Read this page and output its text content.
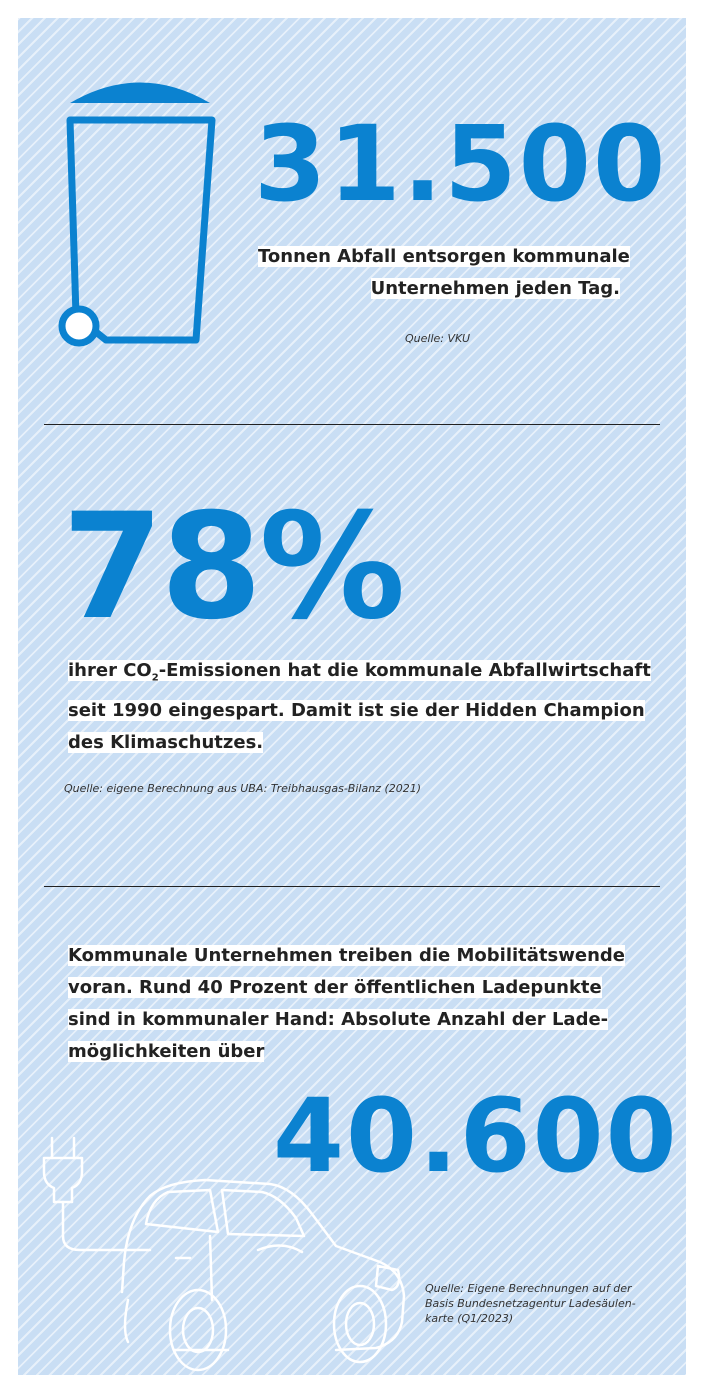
31.500

Tonnen Abfall entsorgen kommunale
Unternehmen jeden Tag.

Quelle: VKU
78%

ihrer $CO_2$-Emissionen hat die kommunale Abfallwirtschaft
seit 1990 eingespart. Damit ist sie der Hidden Champion
des Klimaschutzes.

Quelle: eigene Berechnung aus UBA: Treibhausgas-Bilanz (2021)

Kommunale Unternehmen treiben die Mobilitätswende
voran. Rund 40 Prozent der öffentlichen Ladepunkte
sind in kommunaler Hand: Absolute Anzahl der Lade-
möglichkeiten über

40.600
Quelle: Eigene Berechnungen auf der
Basis Bundesnetzagentur Ladesäulen-
karte (Q1/2023)
